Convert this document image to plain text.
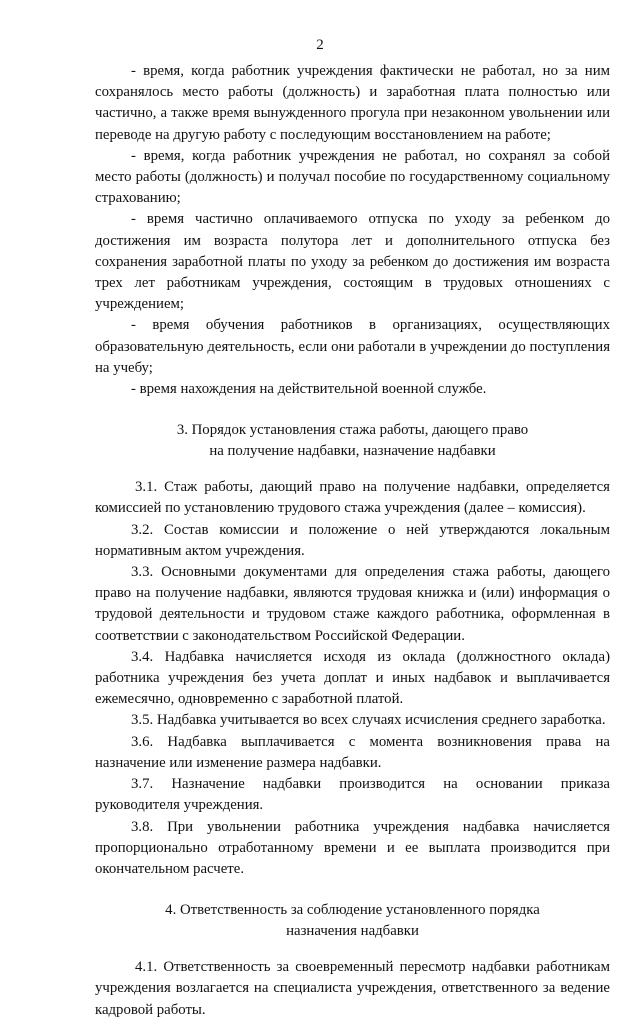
2

- время, когда работник учреждения фактически не работал, но за ним сохранялось место работы (должность) и заработная плата полностью или частично, а также время вынужденного прогула при незаконном увольнении или переводе на другую работу с последующим восстановлением на работе;

- время, когда работник учреждения не работал, но сохранял за собой место работы (должность) и получал пособие по государственному социальному страхованию;

- время частично оплачиваемого отпуска по уходу за ребенком до достижения им возраста полутора лет и дополнительного отпуска без сохранения заработной платы по уходу за ребенком до достижения им возраста трех лет работникам учреждения, состоящим в трудовых отношениях с учреждением;

- время обучения работников в организациях, осуществляющих образовательную деятельность, если они работали в учреждении до поступления на учебу;

- время нахождения на действительной военной службе.

3. Порядок установления стажа работы, дающего право
на получение надбавки, назначение надбавки

3.1. Стаж работы, дающий право на получение надбавки, определяется комиссией по установлению трудового стажа учреждения (далее – комиссия).

3.2. Состав комиссии и положение о ней утверждаются локальным нормативным актом учреждения.

3.3. Основными документами для определения стажа работы, дающего право на получение надбавки, являются трудовая книжка и (или) информация о трудовой деятельности и трудовом стаже каждого работника, оформленная в соответствии с законодательством Российской Федерации.

3.4. Надбавка начисляется исходя из оклада (должностного оклада) работника учреждения без учета доплат и иных надбавок и выплачивается ежемесячно, одновременно с заработной платой.

3.5. Надбавка учитывается во всех случаях исчисления среднего заработка.

3.6. Надбавка выплачивается с момента возникновения права на назначение или изменение размера надбавки.

3.7. Назначение надбавки производится на основании приказа руководителя учреждения.

3.8. При увольнении работника учреждения надбавка начисляется пропорционально отработанному времени и ее выплата производится при окончательном расчете.

4. Ответственность за соблюдение установленного порядка
назначения надбавки

4.1. Ответственность за своевременный пересмотр надбавки работникам учреждения возлагается на специалиста учреждения, ответственного за ведение кадровой работы.
